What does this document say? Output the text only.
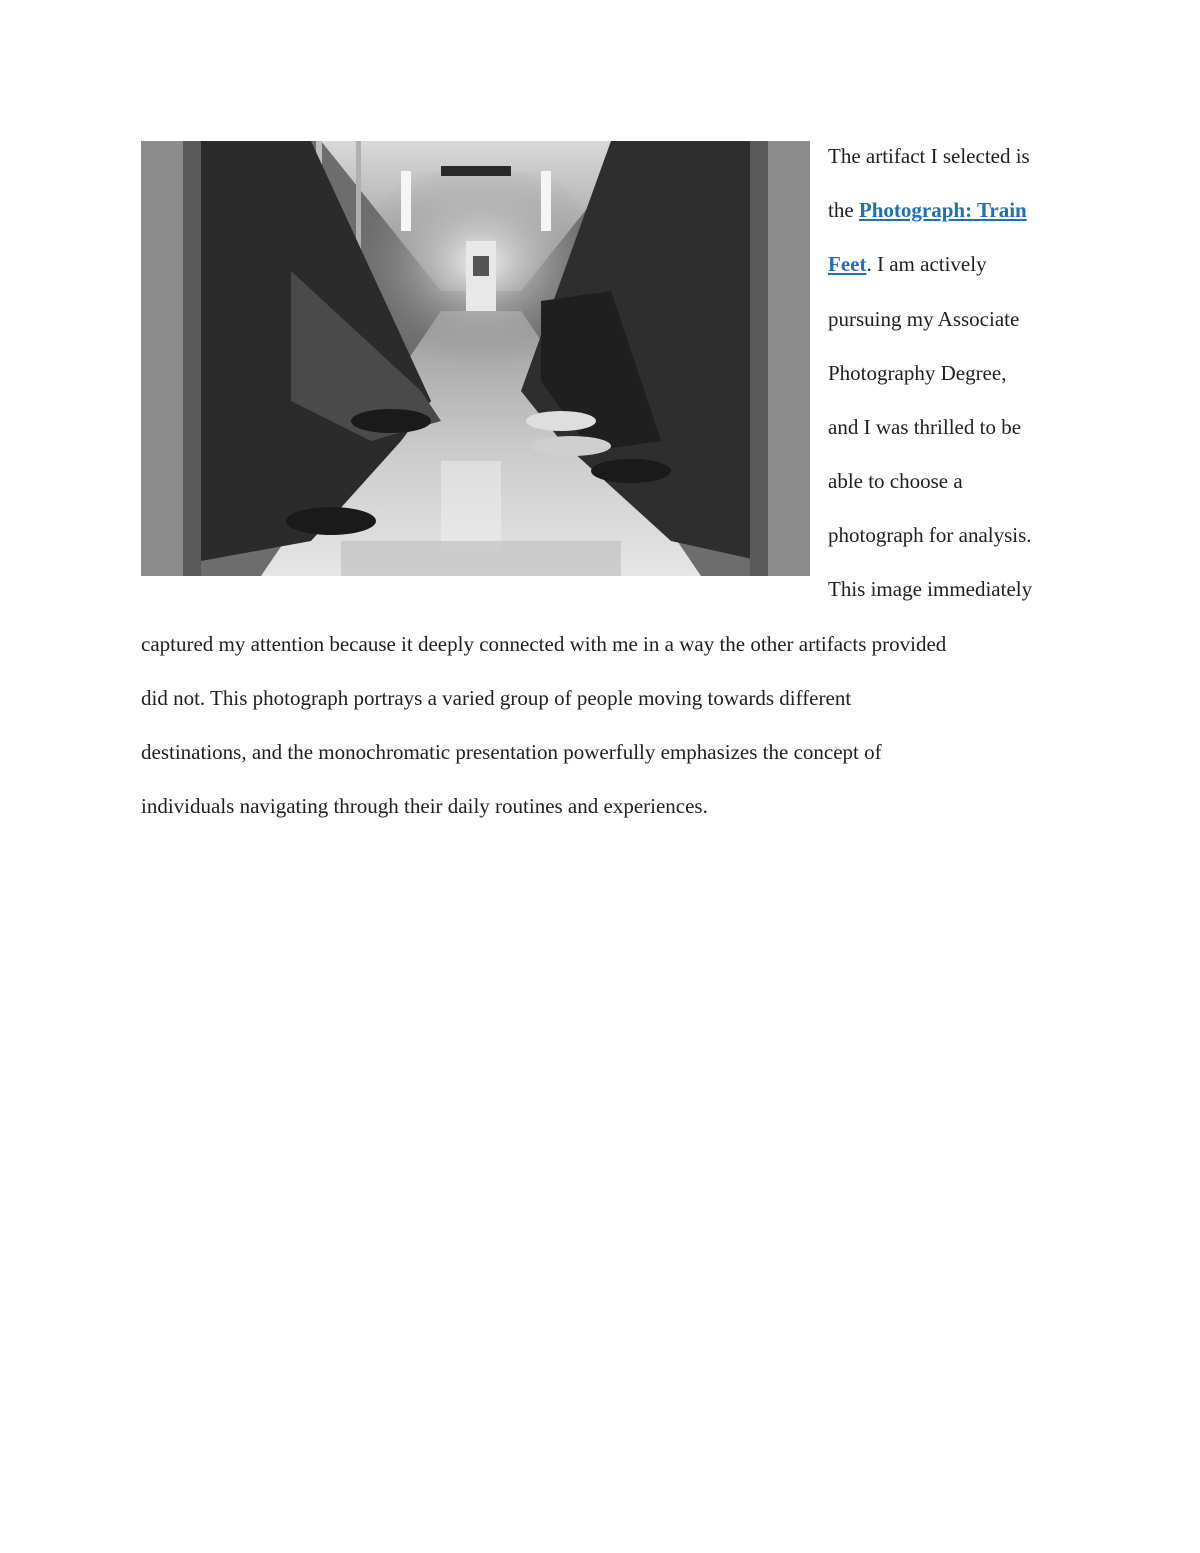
The artifact I selected is
the Photograph: Train
Feet. I am actively
pursuing my Associate
Photography Degree,
and I was thrilled to be
able to choose a
photograph for analysis.
This image immediately
captured my attention because it deeply connected with me in a way the other artifacts provided
did not. This photograph portrays a varied group of people moving towards different
destinations, and the monochromatic presentation powerfully emphasizes the concept of
individuals navigating through their daily routines and experiences.
